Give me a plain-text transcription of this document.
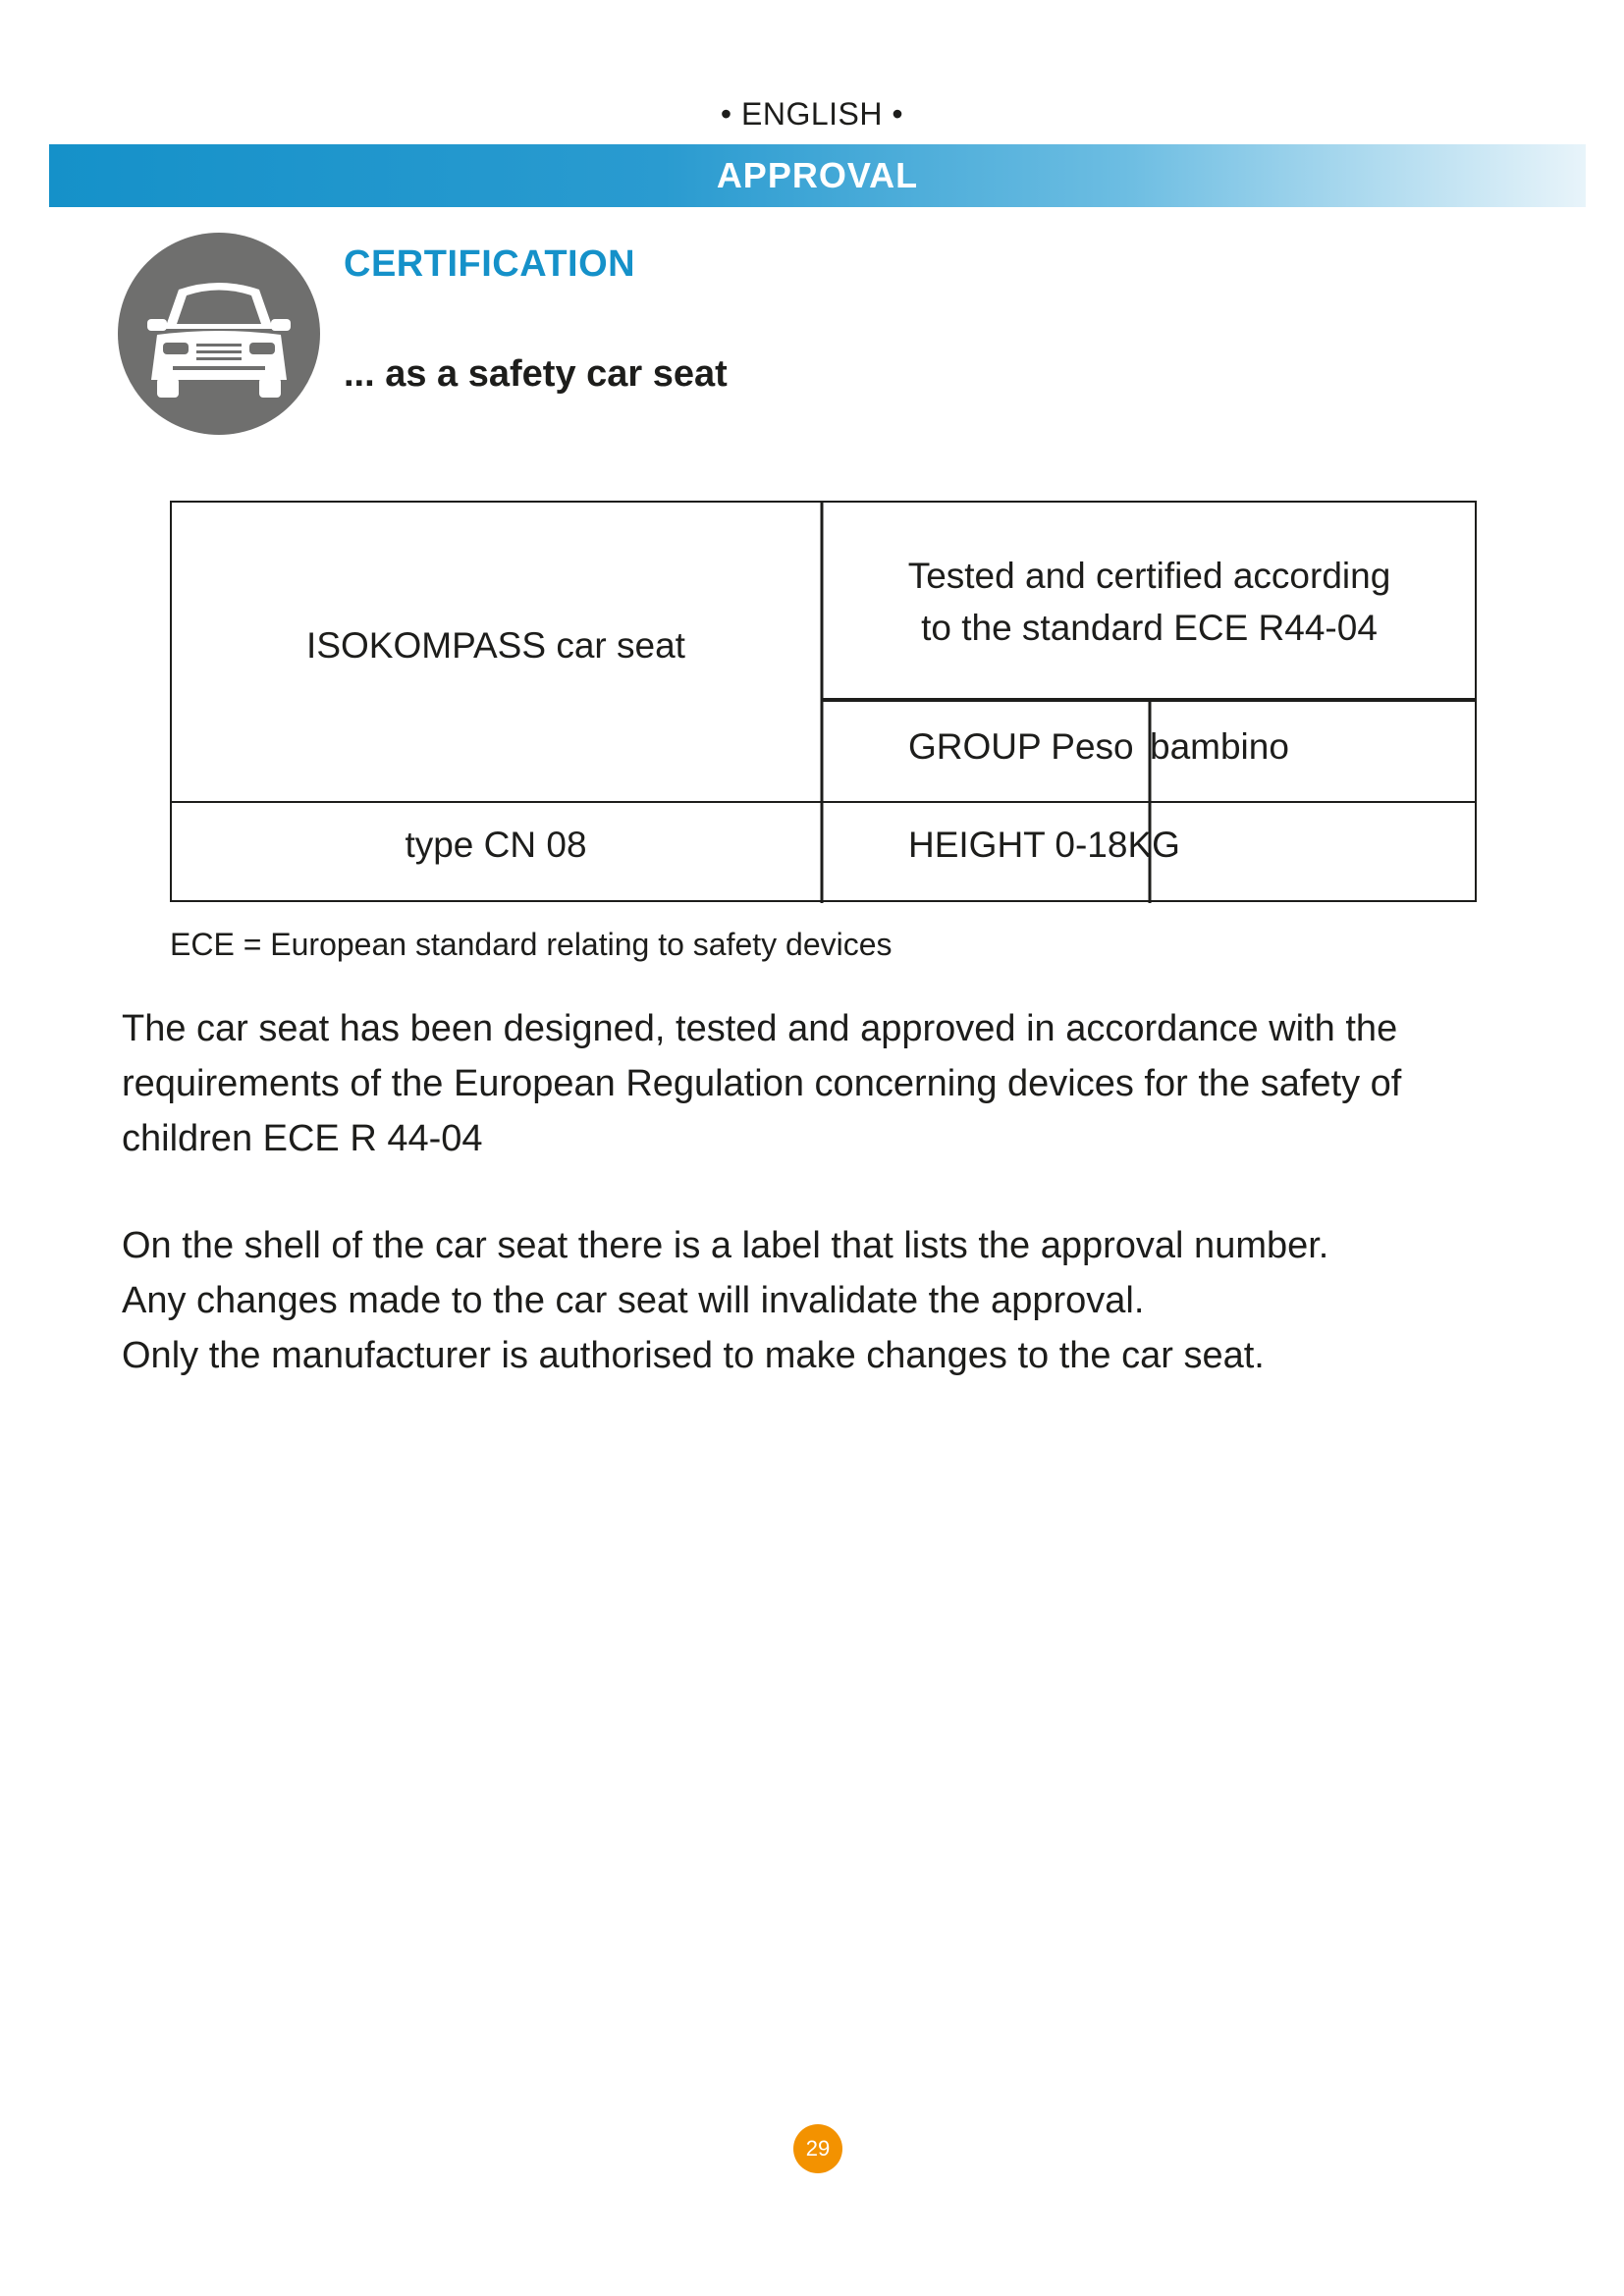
• ENGLISH •
APPROVAL
CERTIFICATION
... as a safety car seat
ISOKOMPASS car seat
Tested and certified according
to the standard ECE R44-04
GROUP Peso bambino
type CN 08	HEIGHT 0-18KG
ECE = European standard relating to safety devices
The car seat has been designed, tested and approved in accordance with the requirements of the European Regulation concerning devices for the safety of children ECE R 44-04
On the shell of the car seat there is a label that lists the approval number.
Any changes made to the car seat will invalidate the approval.
Only the manufacturer is authorised to make changes to the car seat.
29
